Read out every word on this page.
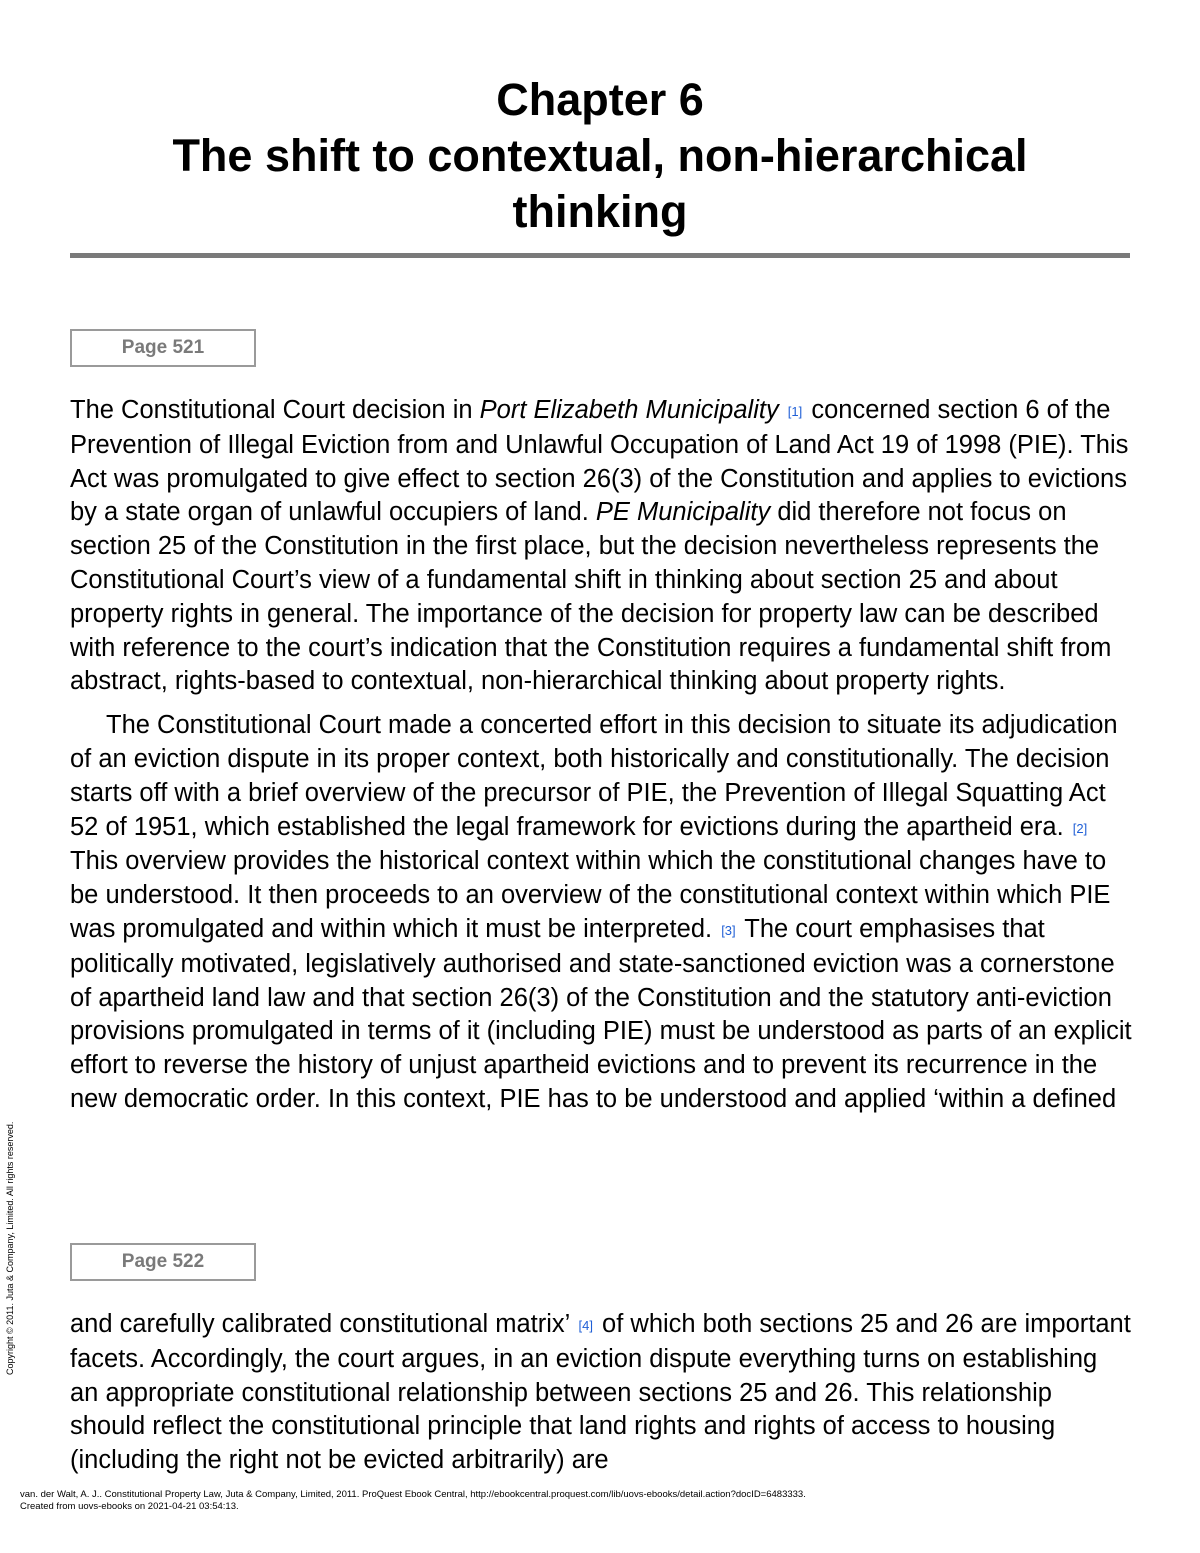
Chapter 6
The shift to contextual, non-hierarchical
thinking
Page 521

The Constitutional Court decision in Port Elizabeth Municipality [1] concerned section 6 of the Prevention of Illegal Eviction from and Unlawful Occupation of Land Act 19 of 1998 (PIE). This Act was promulgated to give effect to section 26(3) of the Constitution and applies to evictions by a state organ of unlawful occupiers of land. PE Municipality did therefore not focus on section 25 of the Constitution in the first place, but the decision nevertheless represents the Constitutional Court’s view of a fundamental shift in thinking about section 25 and about property rights in general. The importance of the decision for property law can be described with reference to the court’s indication that the Constitution requires a fundamental shift from abstract, rights-based to contextual, non-hierarchical thinking about property rights.

The Constitutional Court made a concerted effort in this decision to situate its adjudication of an eviction dispute in its proper context, both historically and constitutionally. The decision starts off with a brief overview of the precursor of PIE, the Prevention of Illegal Squatting Act 52 of 1951, which established the legal framework for evictions during the apartheid era. [2] This overview provides the historical context within which the constitutional changes have to be understood. It then proceeds to an overview of the constitutional context within which PIE was promulgated and within which it must be interpreted. [3] The court emphasises that politically motivated, legislatively authorised and state-sanctioned eviction was a cornerstone of apartheid land law and that section 26(3) of the Constitution and the statutory anti-eviction provisions promulgated in terms of it (including PIE) must be understood as parts of an explicit effort to reverse the history of unjust apartheid evictions and to prevent its recurrence in the new democratic order. In this context, PIE has to be understood and applied ‘within a defined

Page 522

and carefully calibrated constitutional matrix’ [4] of which both sections 25 and 26 are important facets. Accordingly, the court argues, in an eviction dispute everything turns on establishing an appropriate constitutional relationship between sections 25 and 26. This relationship should reflect the constitutional principle that land rights and rights of access to housing (including the right not be evicted arbitrarily) are

Copyright © 2011. Juta & Company, Limited. All rights reserved.
van. der Walt, A. J.. Constitutional Property Law, Juta & Company, Limited, 2011. ProQuest Ebook Central, http://ebookcentral.proquest.com/lib/uovs-ebooks/detail.action?docID=6483333.
Created from uovs-ebooks on 2021-04-21 03:54:13.
